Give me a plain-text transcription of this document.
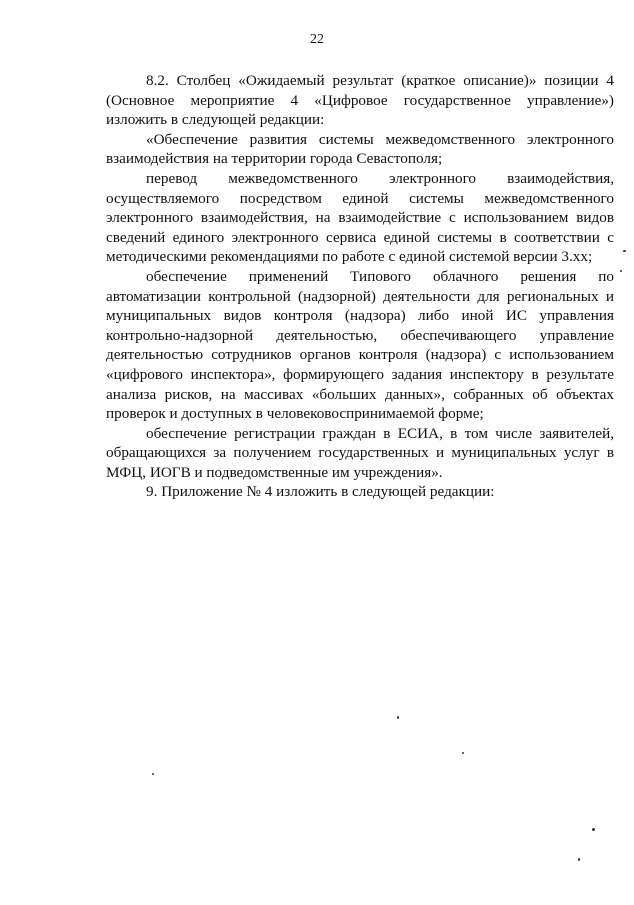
22

8.2. Столбец «Ожидаемый результат (краткое описание)» позиции 4 (Основное мероприятие 4 «Цифровое государственное управление») изложить в следующей редакции:

«Обеспечение развития системы межведомственного электронного взаимодействия на территории города Севастополя;

перевод межведомственного электронного взаимодействия, осуществляемого посредством единой системы межведомственного электронного взаимодействия, на взаимодействие с использованием видов сведений единого электронного сервиса единой системы в соответствии с методическими рекомендациями по работе с единой системой версии 3.хх;

обеспечение применений Типового облачного решения по автоматизации контрольной (надзорной) деятельности для региональных и муниципальных видов контроля (надзора) либо иной ИС управления контрольно-надзорной деятельностью, обеспечивающего управление деятельностью сотрудников органов контроля (надзора) с использованием «цифрового инспектора», формирующего задания инспектору в результате анализа рисков, на массивах «больших данных», собранных об объектах проверок и доступных в человековоспринимаемой форме;

обеспечение регистрации граждан в ЕСИА, в том числе заявителей, обращающихся за получением государственных и муниципальных услуг в МФЦ, ИОГВ и подведомственные им учреждения».

9. Приложение № 4 изложить в следующей редакции:
